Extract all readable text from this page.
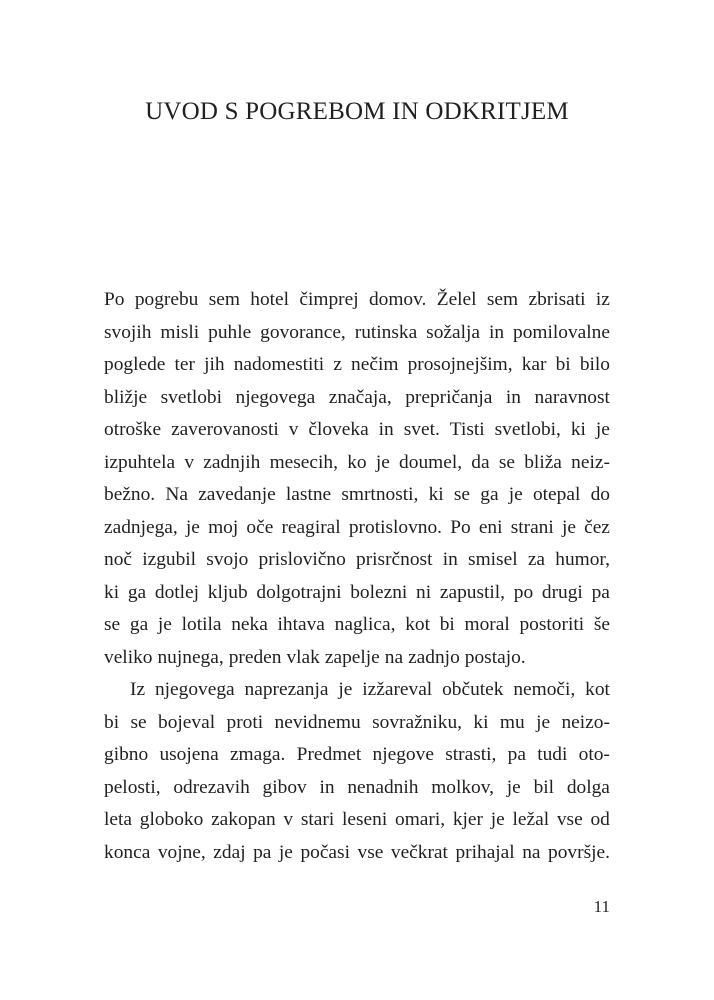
UVOD S POGREBOM IN ODKRITJEM
Po pogrebu sem hotel čimprej domov. Želel sem zbrisati iz
svojih misli puhle govorance, rutinska sožalja in pomilovalne
poglede ter jih nadomestiti z nečim prosojnejšim, kar bi bilo
bližje svetlobi njegovega značaja, prepričanja in naravnost
otroške zaverovanosti v človeka in svet. Tisti svetlobi, ki je
izpuhtela v zadnjih mesecih, ko je doumel, da se bliža neiz-
bežno. Na zavedanje lastne smrtnosti, ki se ga je otepal do
zadnjega, je moj oče reagiral protislovno. Po eni strani je čez
noč izgubil svojo prislovično prisrčnost in smisel za humor,
ki ga dotlej kljub dolgotrajni bolezni ni zapustil, po drugi pa
se ga je lotila neka ihtava naglica, kot bi moral postoriti še
veliko nujnega, preden vlak zapelje na zadnjo postajo.
Iz njegovega naprezanja je izžareval občutek nemoči, kot
bi se bojeval proti nevidnemu sovražniku, ki mu je neizo-
gibno usojena zmaga. Predmet njegove strasti, pa tudi oto-
pelosti, odrezavih gibov in nenadnih molkov, je bil dolga
leta globoko zakopan v stari leseni omari, kjer je ležal vse od
konca vojne, zdaj pa je počasi vse večkrat prihajal na površje.
11
